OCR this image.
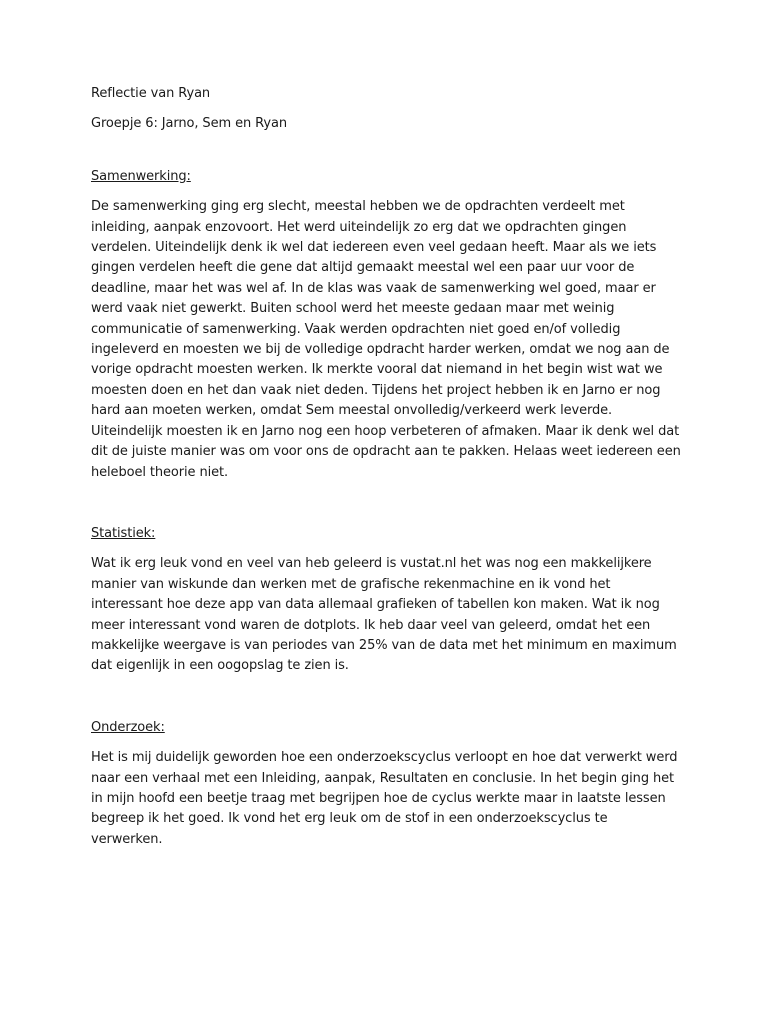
Reflectie van Ryan

Groepje 6: Jarno, Sem en Ryan

Samenwerking:

De samenwerking ging erg slecht, meestal hebben we de opdrachten verdeelt met inleiding, aanpak enzovoort. Het werd uiteindelijk zo erg dat we opdrachten gingen verdelen. Uiteindelijk denk ik wel dat iedereen even veel gedaan heeft. Maar als we iets gingen verdelen heeft die gene dat altijd gemaakt meestal wel een paar uur voor de deadline, maar het was wel af. In de klas was vaak de samenwerking wel goed, maar er werd vaak niet gewerkt. Buiten school werd het meeste gedaan maar met weinig communicatie of samenwerking. Vaak werden opdrachten niet goed en/of volledig ingeleverd en moesten we bij de volledige opdracht harder werken, omdat we nog aan de vorige opdracht moesten werken. Ik merkte vooral dat niemand in het begin wist wat we moesten doen en het dan vaak niet deden. Tijdens het project hebben ik en Jarno er nog hard aan moeten werken, omdat Sem meestal onvolledig/verkeerd werk leverde. Uiteindelijk moesten ik en Jarno nog een hoop verbeteren of afmaken. Maar ik denk wel dat dit de juiste manier was om voor ons de opdracht aan te pakken. Helaas weet iedereen een heleboel theorie niet.

Statistiek:

Wat ik erg leuk vond en veel van heb geleerd is vustat.nl het was nog een makkelijkere manier van wiskunde dan werken met de grafische rekenmachine en ik vond het interessant hoe deze app van data allemaal grafieken of tabellen kon maken. Wat ik nog meer interessant vond waren de dotplots. Ik heb daar veel van geleerd, omdat het een makkelijke weergave is van periodes van 25% van de data met het minimum en maximum dat eigenlijk in een oogopslag te zien is.

Onderzoek:

Het is mij duidelijk geworden hoe een onderzoekscyclus verloopt en hoe dat verwerkt werd naar een verhaal met een Inleiding, aanpak, Resultaten en conclusie. In het begin ging het in mijn hoofd een beetje traag met begrijpen hoe de cyclus werkte maar in laatste lessen begreep ik het goed. Ik vond het erg leuk om de stof in een onderzoekscyclus te verwerken.
